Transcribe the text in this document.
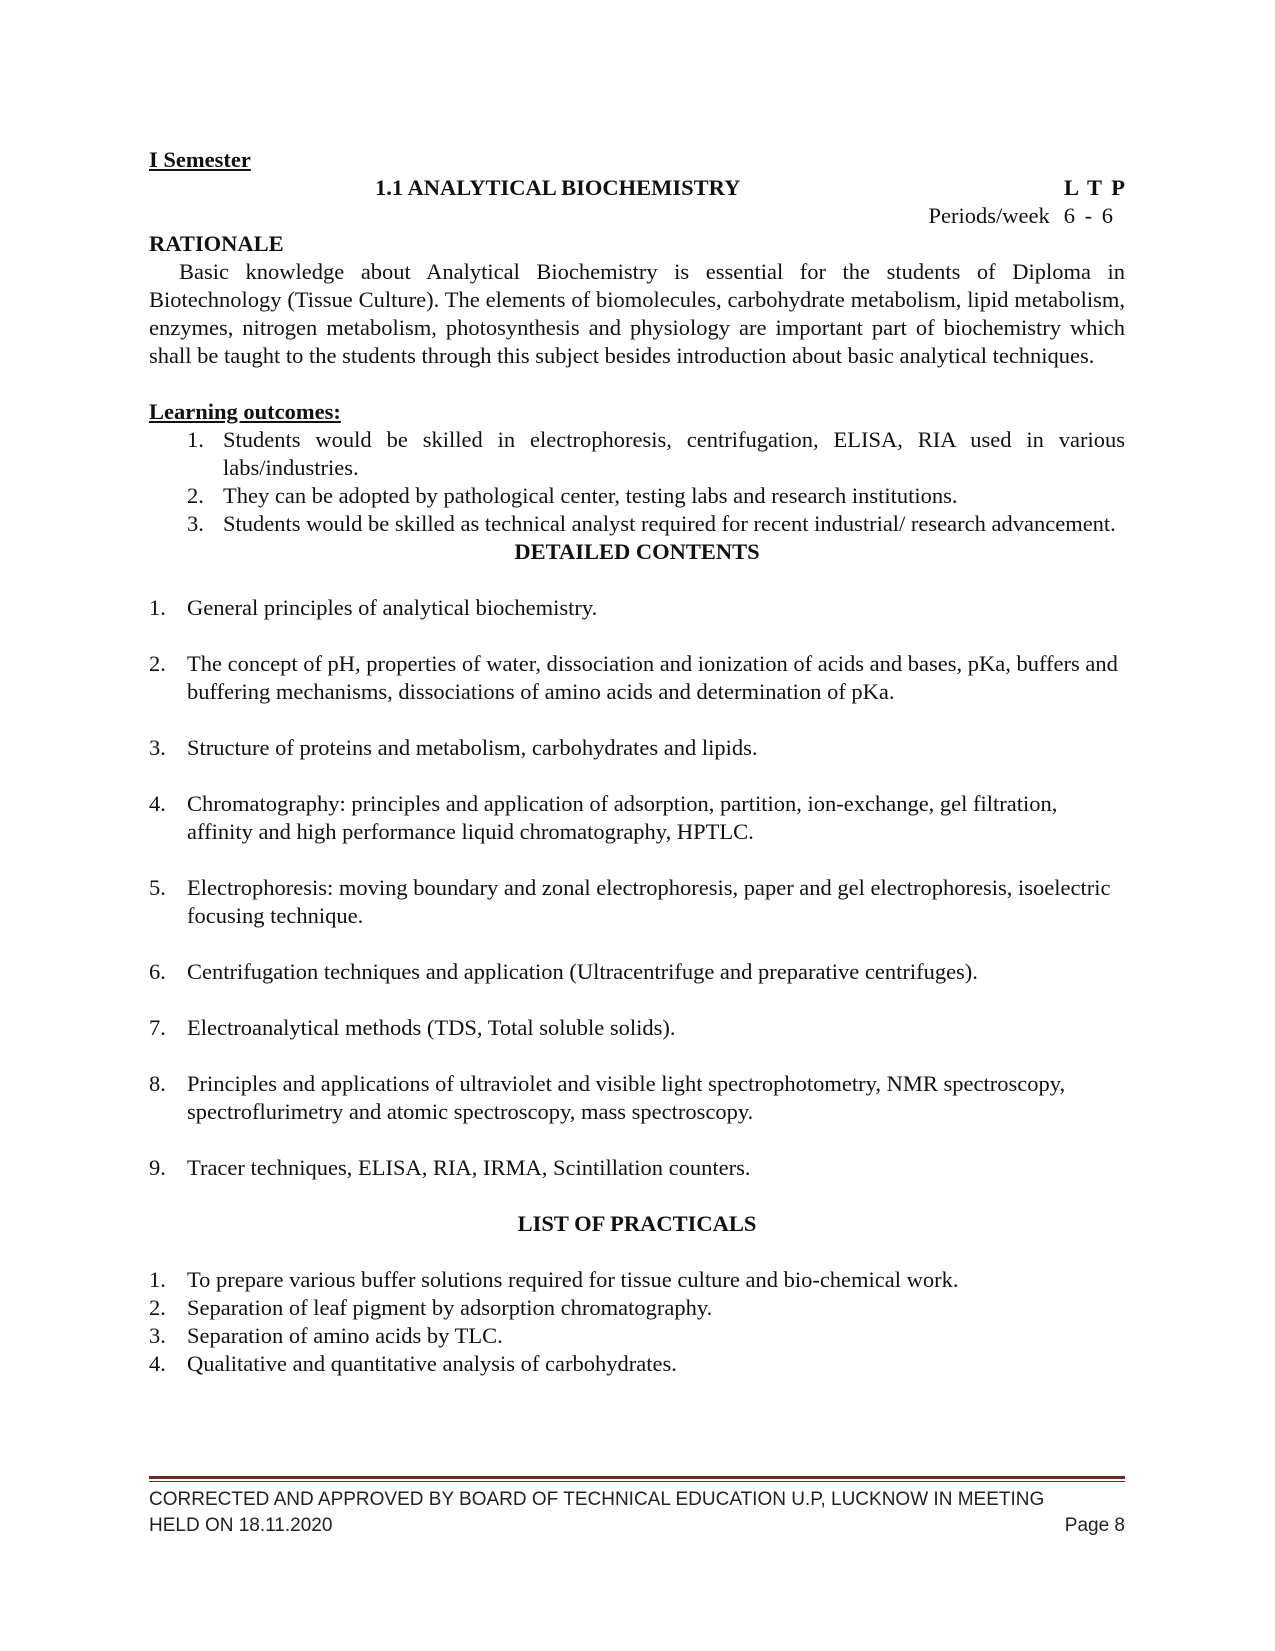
I Semester
1.1 ANALYTICAL BIOCHEMISTRY	L T P
Periods/week 6 - 6
RATIONALE

Basic knowledge about Analytical Biochemistry is essential for the students of Diploma in Biotechnology (Tissue Culture). The elements of biomolecules, carbohydrate metabolism, lipid metabolism, enzymes, nitrogen metabolism, photosynthesis and physiology are important part of biochemistry which shall be taught to the students through this subject besides introduction about basic analytical techniques.

Learning outcomes:
1. Students would be skilled in electrophoresis, centrifugation, ELISA, RIA used in various labs/industries.
2. They can be adopted by pathological center, testing labs and research institutions.
3. Students would be skilled as technical analyst required for recent industrial/ research advancement.
DETAILED CONTENTS
1. General principles of analytical biochemistry.
2. The concept of pH, properties of water, dissociation and ionization of acids and bases, pKa, buffers and buffering mechanisms, dissociations of amino acids and determination of pKa.
3. Structure of proteins and metabolism, carbohydrates and lipids.
4. Chromatography: principles and application of adsorption, partition, ion-exchange, gel filtration, affinity and high performance liquid chromatography, HPTLC.
5. Electrophoresis: moving boundary and zonal electrophoresis, paper and gel electrophoresis, isoelectric focusing technique.
6. Centrifugation techniques and application (Ultracentrifuge and preparative centrifuges).
7. Electroanalytical methods (TDS, Total soluble solids).
8. Principles and applications of ultraviolet and visible light spectrophotometry, NMR spectroscopy, spectroflurimetry and atomic spectroscopy, mass spectroscopy.
9. Tracer techniques, ELISA, RIA, IRMA, Scintillation counters.
LIST OF PRACTICALS
1. To prepare various buffer solutions required for tissue culture and bio-chemical work.
2. Separation of leaf pigment by adsorption chromatography.
3. Separation of amino acids by TLC.
4. Qualitative and quantitative analysis of carbohydrates.
CORRECTED AND APPROVED BY BOARD OF TECHNICAL EDUCATION U.P, LUCKNOW IN MEETING
HELD ON 18.11.2020	Page 8
